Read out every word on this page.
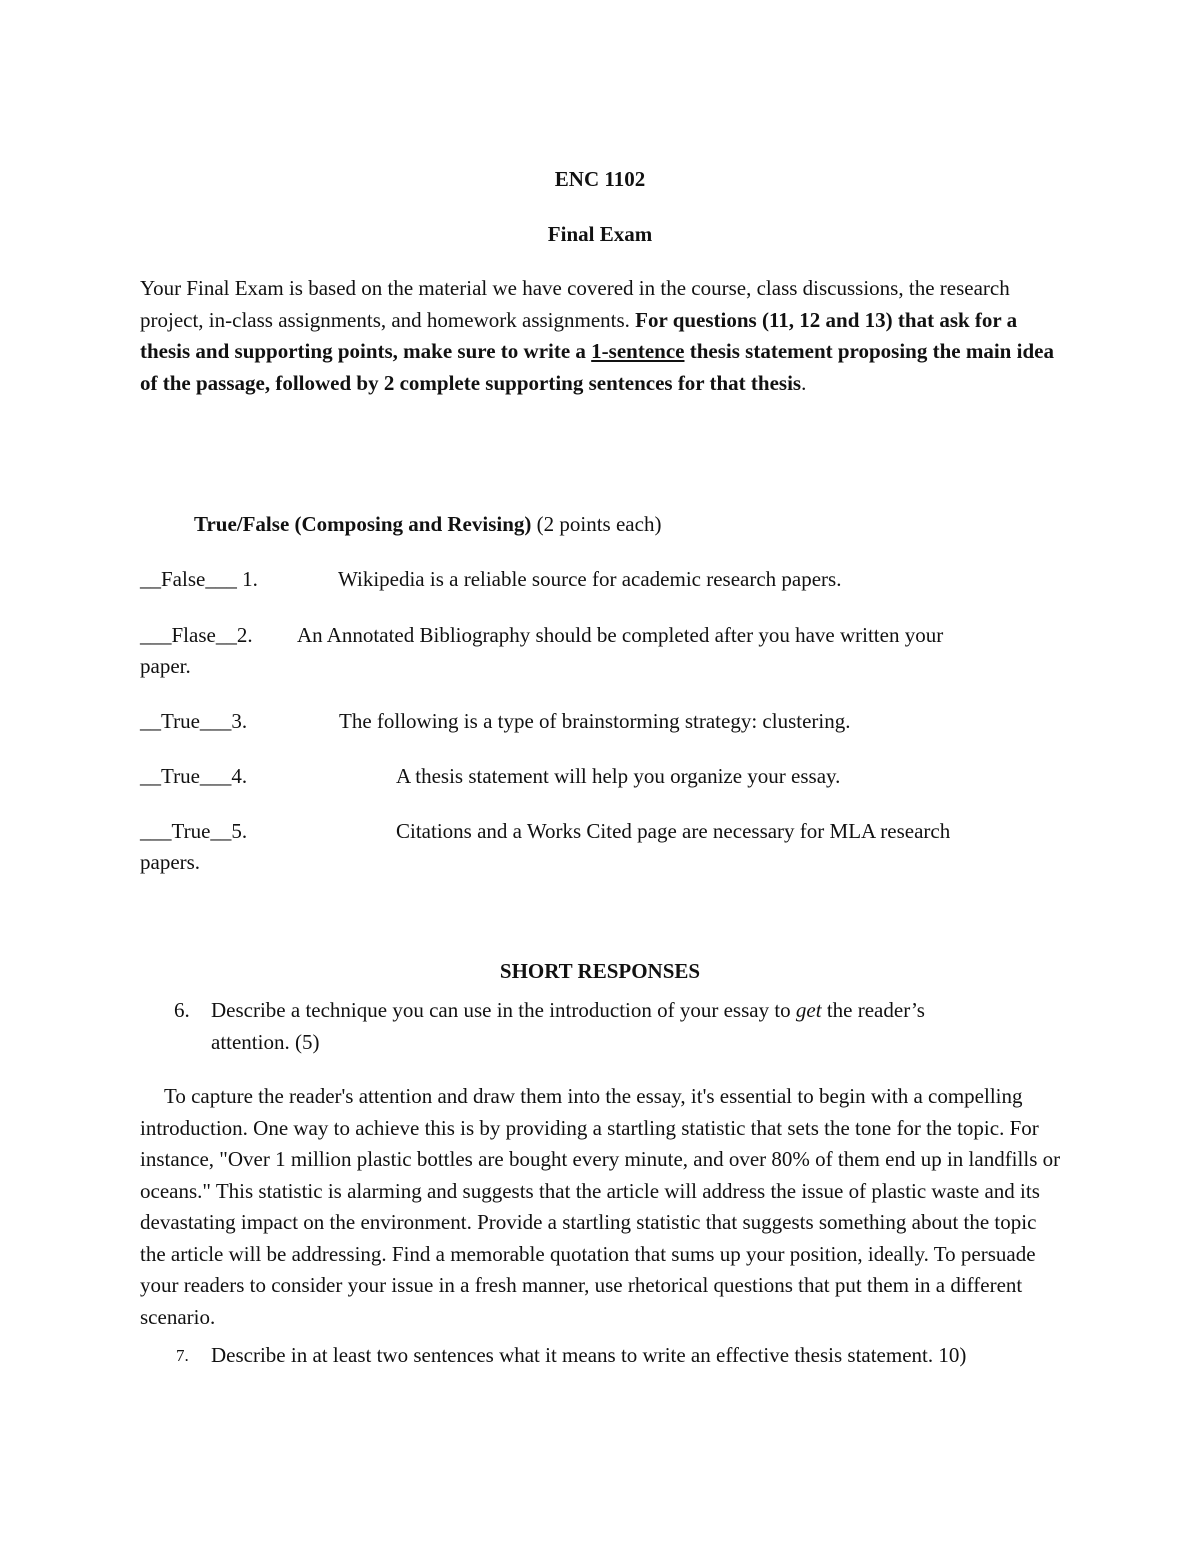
ENC 1102
Final Exam
Your Final Exam is based on the material we have covered in the course, class discussions, the research project, in-class assignments, and homework assignments. For questions (11, 12 and 13) that ask for a thesis and supporting points, make sure to write a 1-sentence thesis statement proposing the main idea of the passage, followed by 2 complete supporting sentences for that thesis.
True/False (Composing and Revising) (2 points each)
__False___ 1.	Wikipedia is a reliable source for academic research papers.
___Flase__2. An Annotated Bibliography should be completed after you have written your
paper.
__True___3.	The following is a type of brainstorming strategy: clustering.
__True___4.	A thesis statement will help you organize your essay.
___True__5.	Citations and a Works Cited page are necessary for MLA research
papers.
SHORT RESPONSES
6. Describe a technique you can use in the introduction of your essay to get the reader’s
attention. (5)
To capture the reader's attention and draw them into the essay, it's essential to begin with a compelling introduction. One way to achieve this is by providing a startling statistic that sets the tone for the topic. For instance, "Over 1 million plastic bottles are bought every minute, and over 80% of them end up in landfills or oceans." This statistic is alarming and suggests that the article will address the issue of plastic waste and its devastating impact on the environment. Provide a startling statistic that suggests something about the topic the article will be addressing. Find a memorable quotation that sums up your position, ideally. To persuade your readers to consider your issue in a fresh manner, use rhetorical questions that put them in a different scenario.
7. Describe in at least two sentences what it means to write an effective thesis statement. 10)
